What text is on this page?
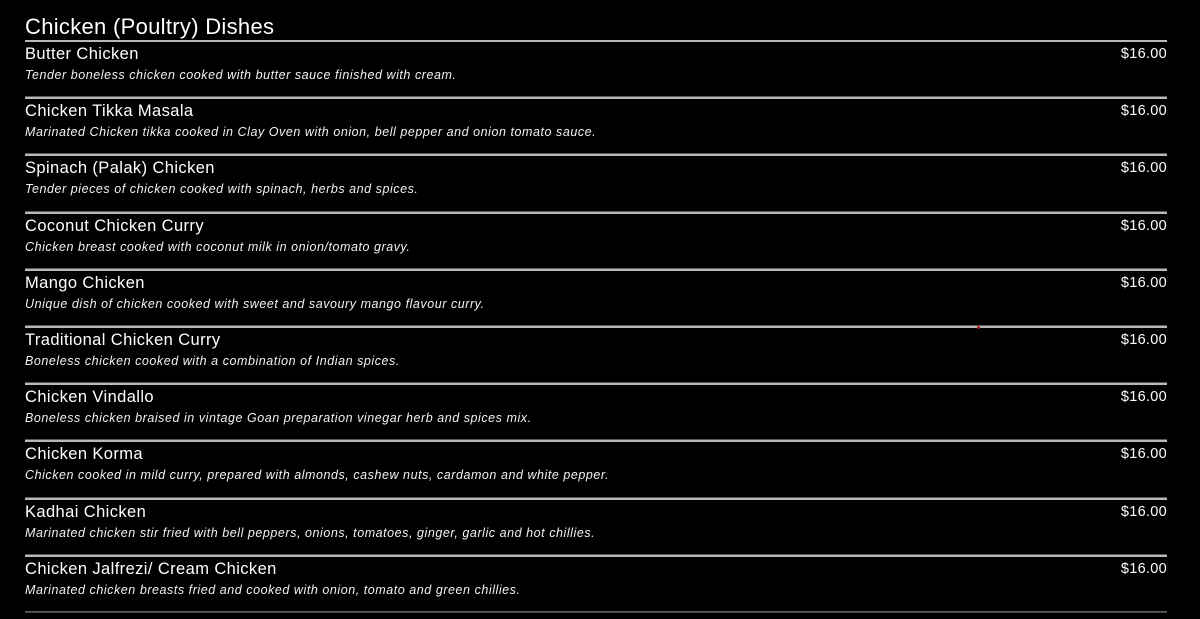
Chicken (Poultry) Dishes
Butter Chicken	$16.00
Tender boneless chicken cooked with butter sauce finished with cream.
Chicken Tikka Masala	$16.00
Marinated Chicken tikka cooked in Clay Oven with onion, bell pepper and onion tomato sauce.
Spinach (Palak) Chicken	$16.00
Tender pieces of chicken cooked with spinach, herbs and spices.
Coconut Chicken Curry	$16.00
Chicken breast cooked with coconut milk in onion/tomato gravy.
Mango Chicken	$16.00
Unique dish of chicken cooked with sweet and savoury mango flavour curry.
Traditional Chicken Curry	$16.00
Boneless chicken cooked with a combination of Indian spices.
Chicken Vindallo	$16.00
Boneless chicken braised in vintage Goan preparation vinegar herb and spices mix.
Chicken Korma	$16.00
Chicken cooked in mild curry, prepared with almonds, cashew nuts, cardamon and white pepper.
Kadhai Chicken	$16.00
Marinated chicken stir fried with bell peppers, onions, tomatoes, ginger, garlic and hot chillies.
Chicken Jalfrezi/ Cream Chicken	$16.00
Marinated chicken breasts fried and cooked with onion, tomato and green chillies.
